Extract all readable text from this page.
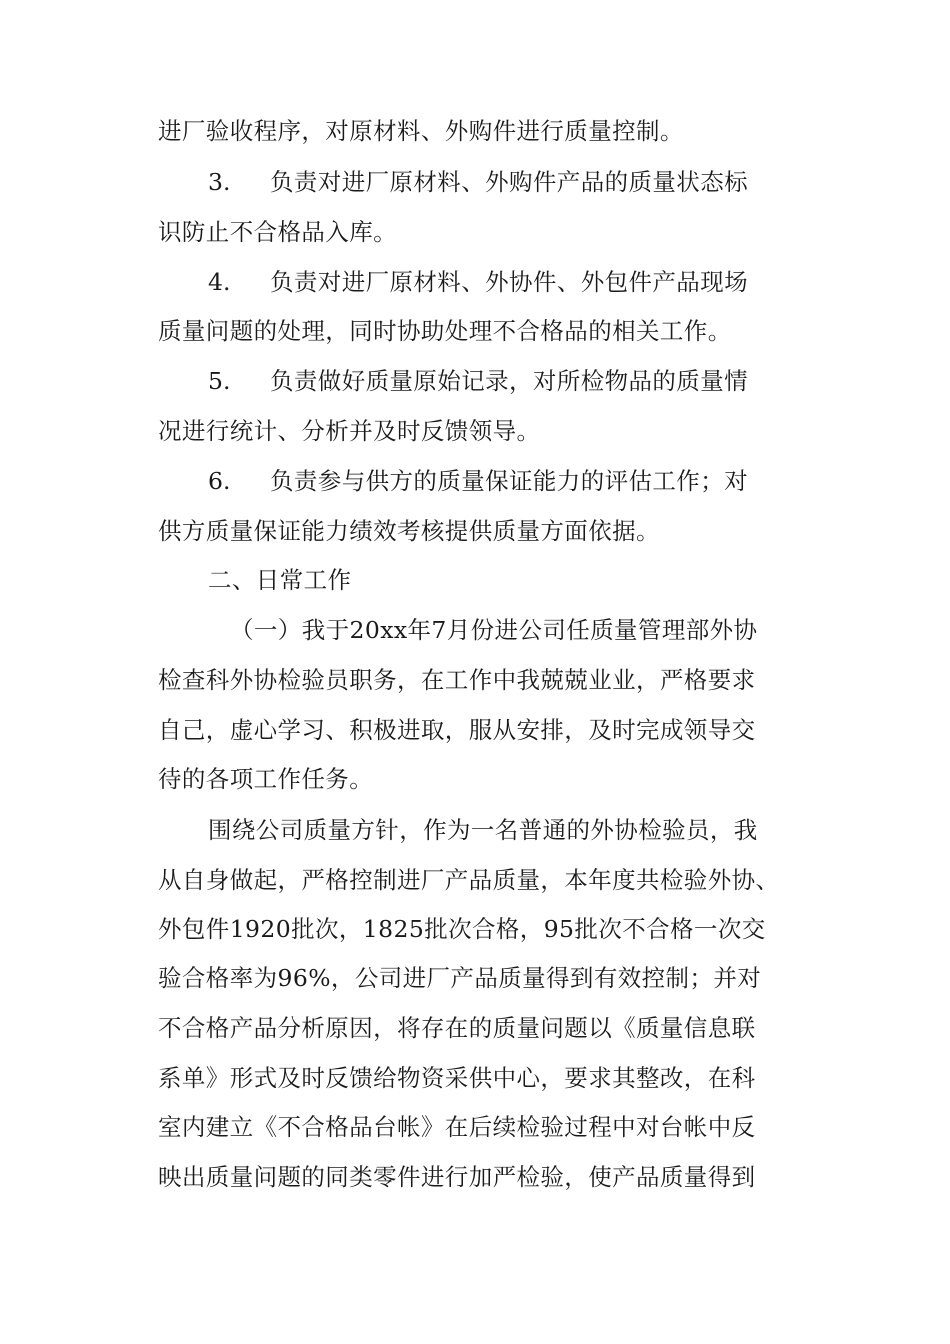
进厂验收程序，对原材料、外购件进行质量控制。
3. 负责对进厂原材料、外购件产品的质量状态标
识防止不合格品入库。
4. 负责对进厂原材料、外协件、外包件产品现场
质量问题的处理，同时协助处理不合格品的相关工作。
5. 负责做好质量原始记录，对所检物品的质量情
况进行统计、分析并及时反馈领导。
6. 负责参与供方的质量保证能力的评估工作；对
供方质量保证能力绩效考核提供质量方面依据。
二、日常工作
（一）我于20xx年7月份进公司任质量管理部外协
检查科外协检验员职务，在工作中我兢兢业业，严格要求
自己，虚心学习、积极进取，服从安排，及时完成领导交
待的各项工作任务。
围绕公司质量方针，作为一名普通的外协检验员，我
从自身做起，严格控制进厂产品质量，本年度共检验外协、
外包件1920批次，1825批次合格，95批次不合格一次交
验合格率为96%，公司进厂产品质量得到有效控制；并对
不合格产品分析原因，将存在的质量问题以《质量信息联
系单》形式及时反馈给物资采供中心，要求其整改，在科
室内建立《不合格品台帐》在后续检验过程中对台帐中反
映出质量问题的同类零件进行加严检验，使产品质量得到
